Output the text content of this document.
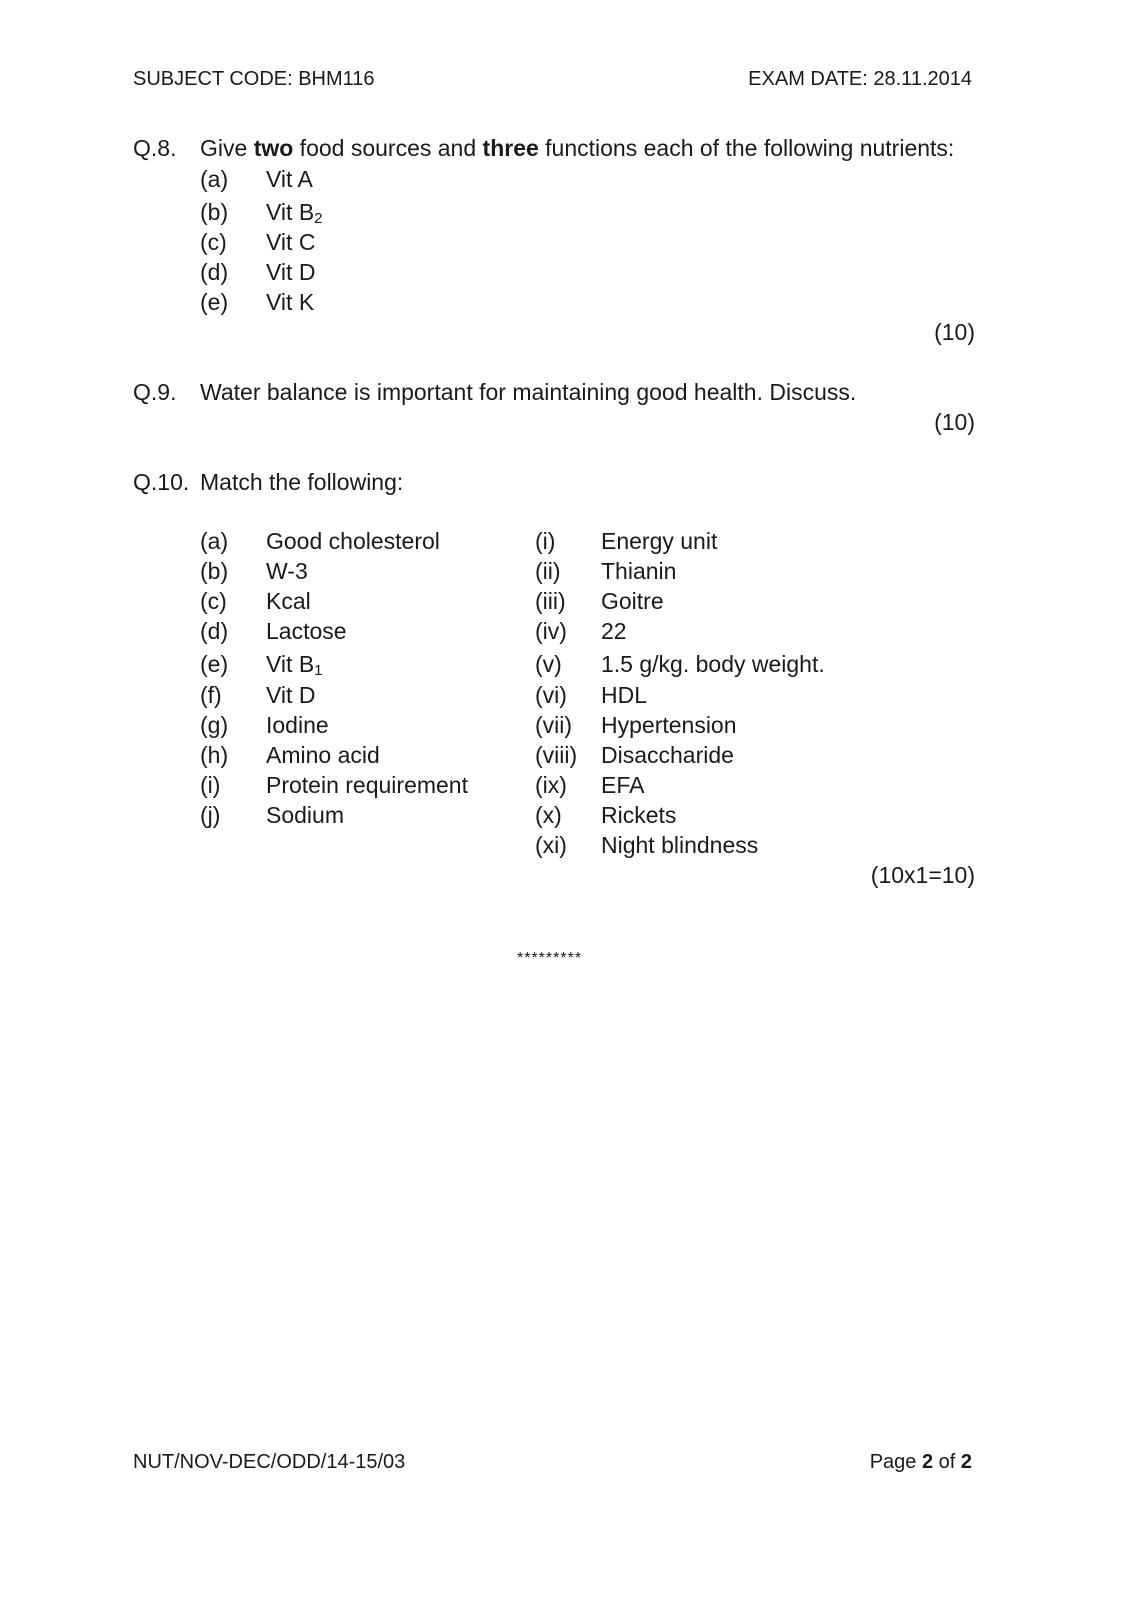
SUBJECT CODE: BHM116	EXAM DATE: 28.11.2014
Q.8. Give two food sources and three functions each of the following nutrients:
(a) Vit A
(b) Vit $B_2$
(c) Vit C
(d) Vit D
(e) Vit K
(10)
Q.9. Water balance is important for maintaining good health. Discuss.
(10)
Q.10. Match the following:
(a) Good cholesterol
(b) W-3
(c) Kcal
(d) Lactose
(e) Vit $B_1$
(f) Vit D
(g) Iodine
(h) Amino acid
(i) Protein requirement
(j) Sodium
(i) Energy unit
(ii) Thianin
(iii) Goitre
(iv) 22
(v) 1.5 g/kg. body weight.
(vi) HDL
(vii) Hypertension
(viii) Disaccharide
(ix) EFA
(x) Rickets
(xi) Night blindness
(10x1=10)
*********
NUT/NOV-DEC/ODD/14-15/03	Page 2 of 2
